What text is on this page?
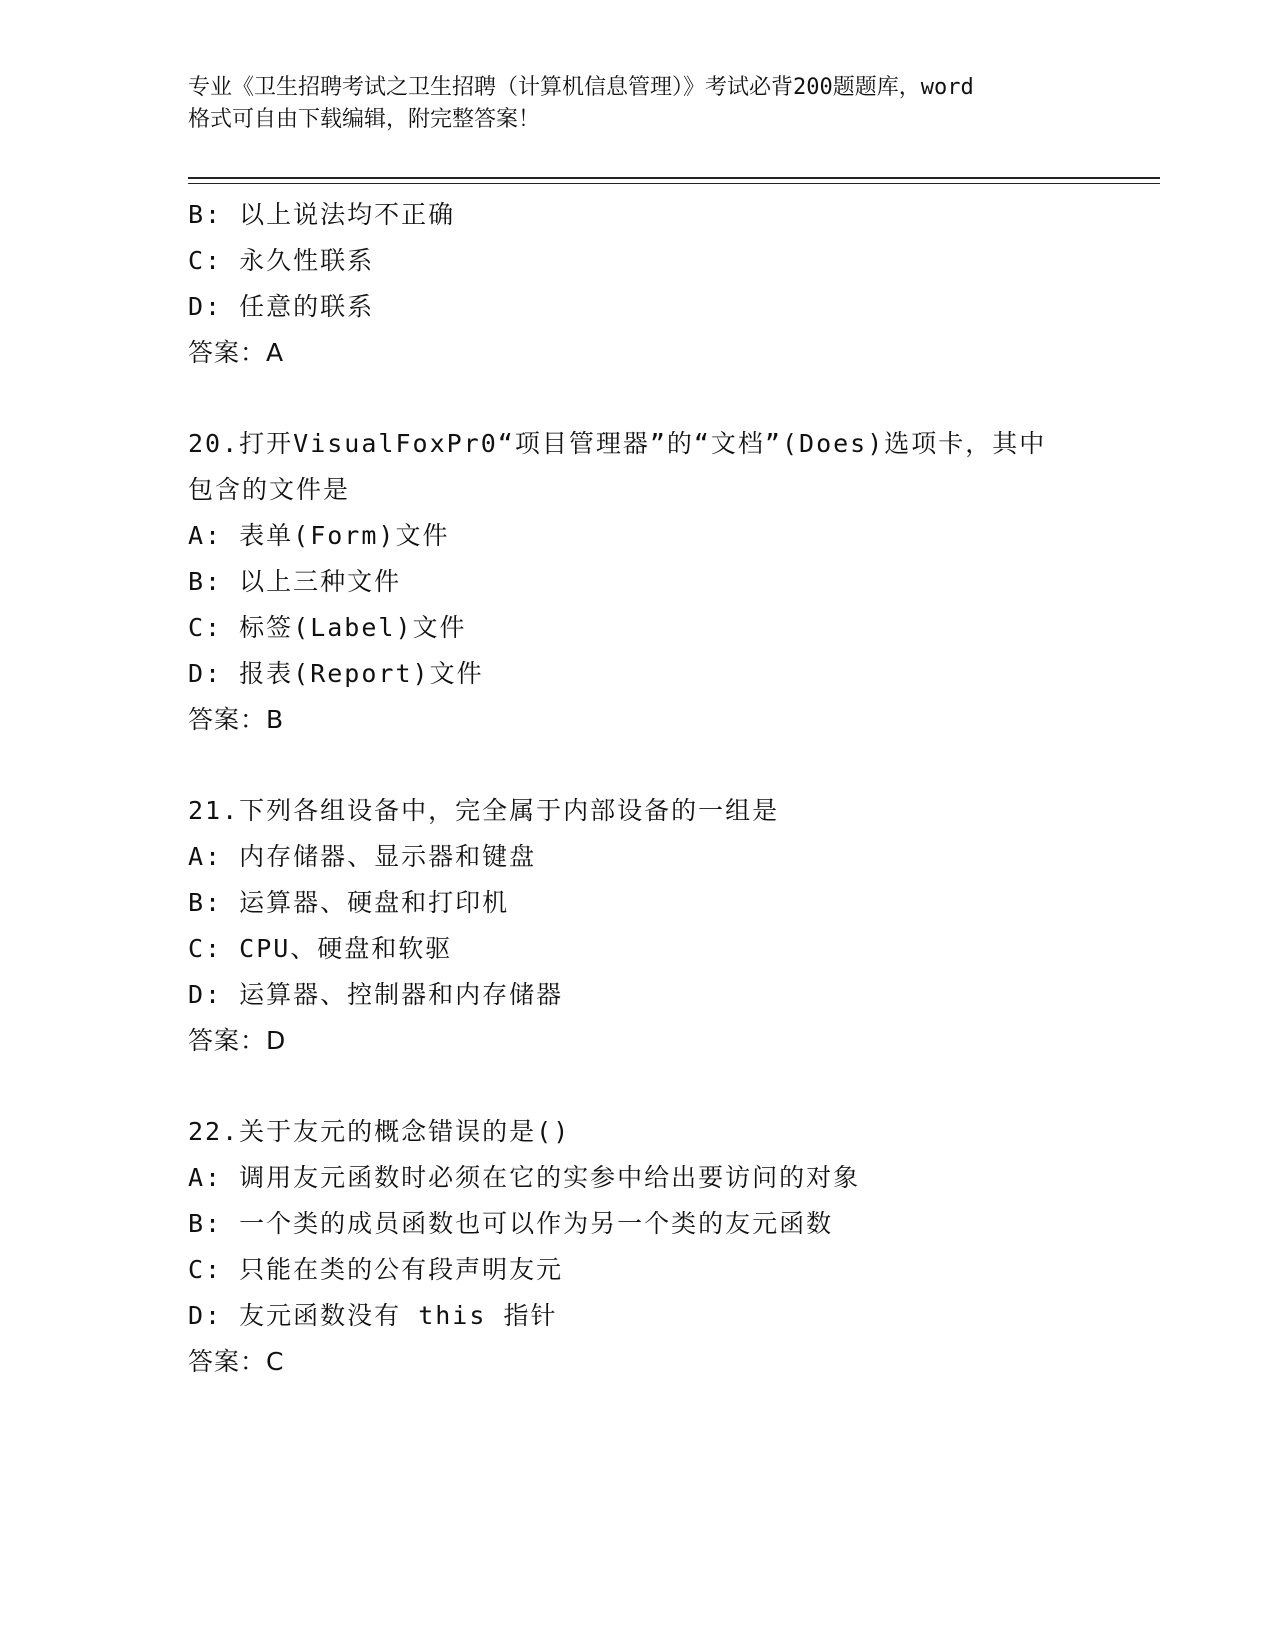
专业《卫生招聘考试之卫生招聘（计算机信息管理）》考试必背200题题库，word
格式可自由下载编辑，附完整答案！
B: 以上说法均不正确
C: 永久性联系
D: 任意的联系
答案：A
20.打开VisualFoxPr0“项目管理器”的“文档”(Does)选项卡，其中
包含的文件是
A: 表单(Form)文件
B: 以上三种文件
C: 标签(Label)文件
D: 报表(Report)文件
答案：B
21.下列各组设备中，完全属于内部设备的一组是
A: 内存储器、显示器和键盘
B: 运算器、硬盘和打印机
C: CPU、硬盘和软驱
D: 运算器、控制器和内存储器
答案：D
22.关于友元的概念错误的是()
A: 调用友元函数时必须在它的实参中给出要访问的对象
B: 一个类的成员函数也可以作为另一个类的友元函数
C: 只能在类的公有段声明友元
D: 友元函数没有 this 指针
答案：C
